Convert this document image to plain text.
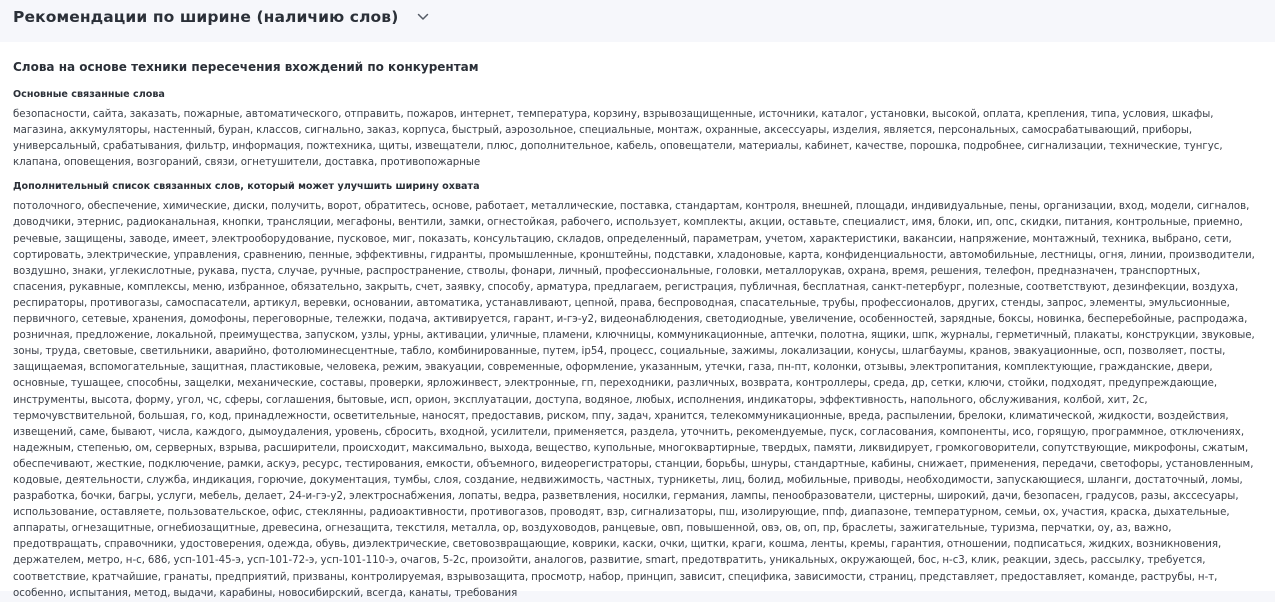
Рекомендации по ширине (наличию слов)
Слова на основе техники пересечения вхождений по конкурентам
Основные связанные слова

безопасности, сайта, заказать, пожарные, автоматического, отправить, пожаров, интернет, температура, корзину, взрывозащищенные, источники, каталог, установки, высокой, оплата, крепления, типа, условия, шкафы, магазина, аккумуляторы, настенный, буран, классов, сигнально, заказ, корпуса, быстрый, аэрозольное, специальные, монтаж, охранные, аксессуары, изделия, является, персональных, самосрабатывающий, приборы, универсальный, срабатывания, фильтр, информация, пожтехника, щиты, извещатели, плюс, дополнительное, кабель, оповещатели, материалы, кабинет, качестве, порошка, подробнее, сигнализации, технические, тунгус, клапана, оповещения, возгораний, связи, огнетушители, доставка, противопожарные

Дополнительный список связанных слов, который может улучшить ширину охвата

потолочного, обеспечение, химические, диски, получить, ворот, обратитесь, основе, работает, металлические, поставка, стандартам, контроля, внешней, площади, индивидуальные, пены, организации, вход, модели, сигналов, доводчики, этернис, радиоканальная, кнопки, трансляции, мегафоны, вентили, замки, огнестойкая, рабочего, использует, комплекты, акции, оставьте, специалист, имя, блоки, ип, опс, скидки, питания, контрольные, приемно, речевые, защищены, заводе, имеет, электрооборудование, пусковое, миг, показать, консультацию, складов, определенный, параметрам, учетом, характеристики, вакансии, напряжение, монтажный, техника, выбрано, сети, сортировать, электрические, управления, сравнению, пенные, эффективны, гидранты, промышленные, кронштейны, подставки, хладоновые, карта, конфиденциальности, автомобильные, лестницы, огня, линии, производители, воздушно, знаки, углекислотные, рукава, пуста, случае, ручные, распространение, стволы, фонари, личный, профессиональные, головки, металлорукав, охрана, время, решения, телефон, предназначен, транспортных, спасения, рукавные, комплексы, меню, избранное, обязательно, закрыть, счет, заявку, способу, арматура, предлагаем, регистрация, публичная, бесплатная, санкт-петербург, полезные, соответствуют, дезинфекции, воздуха, респираторы, противогазы, самоспасатели, артикул, веревки, основании, автоматика, устанавливают, цепной, права, беспроводная, спасательные, трубы, профессионалов, других, стенды, запрос, элементы, эмульсионные, первичного, сетевые, хранения, домофоны, переговорные, тележки, подача, активируется, гарант, и-гэ-у2, видеонаблюдения, светодиодные, увеличение, особенностей, зарядные, боксы, новинка, бесперебойные, распродажа, розничная, предложение, локальной, преимущества, запуском, узлы, урны, активации, уличные, пламени, ключницы, коммуникационные, аптечки, полотна, ящики, шпк, журналы, герметичный, плакаты, конструкции, звуковые, зоны, труда, световые, светильники, аварийно, фотолюминесцентные, табло, комбинированные, путем, ip54, процесс, социальные, зажимы, локализации, конусы, шлагбаумы, кранов, эвакуационные, осп, позволяет, посты, защищаемая, вспомогательные, защитная, пластиковые, человека, режим, эвакуации, современные, оформление, указанным, утечки, газа, пн-пт, колонки, отзывы, электропитания, комплектующие, гражданские, двери, основные, тушащее, способны, защелки, механические, составы, проверки, ярложинвест, электронные, гп, переходники, различных, возврата, контроллеры, среда, др, сетки, ключи, стойки, подходят, предупреждающие, инструменты, высота, форму, угол, чс, сферы, соглашения, бытовые, исп, орион, эксплуатации, доступа, водяное, любых, исполнения, индикаторы, эффективность, напольного, обслуживания, колбой, хит, 2с, термочувствительной, большая, го, код, принадлежности, осветительные, наносят, предоставив, риском, ппу, задач, хранится, телекоммуникационные, вреда, распылении, брелоки, климатической, жидкости, воздействия, извещений, саме, бывают, числа, каждого, дымоудаления, уровень, сбросить, входной, усилители, применяется, раздела, уточнить, рекомендуемые, пуск, согласования, компоненты, исо, горящую, программное, отключениях, надежным, степенью, ом, серверных, взрыва, расширители, происходит, максимально, выхода, вещество, купольные, многоквартирные, твердых, памяти, ликвидирует, громкоговорители, сопутствующие, микрофоны, сжатым, обеспечивают, жесткие, подключение, рамки, аскуэ, ресурс, тестирования, емкости, объемного, видеорегистраторы, станции, борьбы, шнуры, стандартные, кабины, снижает, применения, передачи, светофоры, установленным, кодовые, деятельности, служба, индикация, горючие, документация, тумбы, слоя, создание, недвижимость, частных, турникеты, лиц, болид, мобильные, приводы, необходимости, запускающиеся, шланги, достаточный, ломы, разработка, бочки, багры, услуги, мебель, делает, 24-и-гэ-у2, электроснабжения, лопаты, ведра, разветвления, носилки, германия, лампы, пенообразователи, цистерны, широкий, дачи, безопасен, градусов, разы, акссесуары, использование, оставляете, пользовательское, офис, стеклянны, радиоактивности, противогазов, проводят, взр, сигнализаторы, пш, изолирующие, ппф, диапазоне, температурном, семьи, ох, участия, краска, дыхательные, аппараты, огнезащитные, огнебиозащитные, древесина, огнезащита, текстиля, металла, ор, воздуховодов, ранцевые, овп, повышенной, овэ, ов, оп, пр, браслеты, зажигательные, туризма, перчатки, оу, аз, важно, предотвращать, справочники, удостоверения, одежда, обувь, диэлектрические, световозвращающие, коврики, каски, очки, щитки, краги, кошма, ленты, кремы, гарантия, отношении, подписаться, жидких, возникновения, держателем, метро, н-с, 686, усп-101-45-э, усп-101-72-э, усп-101-110-э, очагов, 5-2с, произойти, аналогов, развитие, smart, предотвратить, уникальных, окружающей, бос, н-с3, клик, реакции, здесь, рассылку, требуется, соответствие, кратчайшие, гранаты, предприятий, призваны, контролируемая, взрывозащита, просмотр, набор, принцип, зависит, специфика, зависимости, страниц, представляет, предоставляет, команде, раструбы, н-т, особенно, испытания, метод, выдачи, карабины, новосибирский, всегда, канаты, требования
